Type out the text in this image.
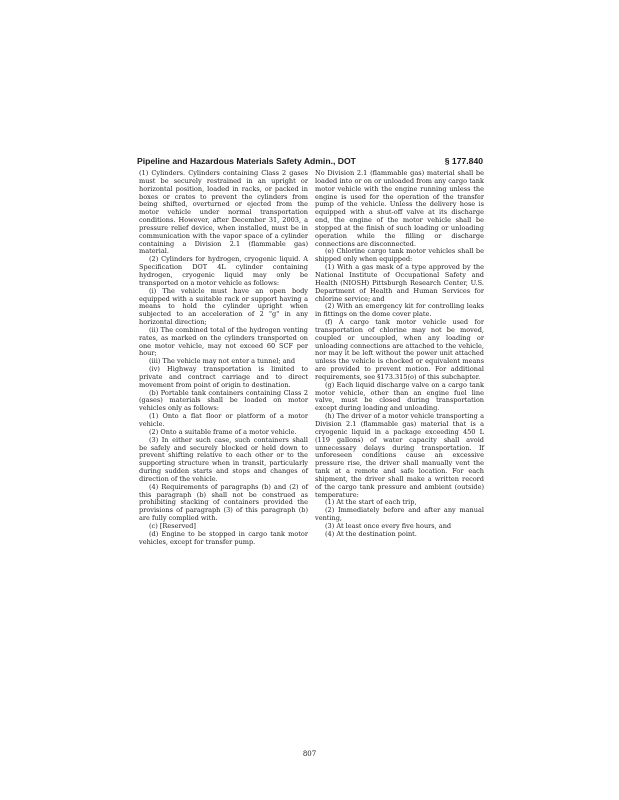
Pipeline and Hazardous Materials Safety Admin., DOT	§ 177.840

(1) Cylinders. Cylinders containing Class 2 gases must be securely restrained in an upright or horizontal position, loaded in racks, or packed in boxes or crates to prevent the cylinders from being shifted, overturned or ejected from the motor vehicle under normal transportation conditions. However, after December 31, 2003, a pressure relief device, when installed, must be in communication with the vapor space of a cylinder containing a Division 2.1 (flammable gas) material.

(2) Cylinders for hydrogen, cryogenic liquid. A Specification DOT 4L cylinder containing hydrogen, cryogenic liquid may only be transported on a motor vehicle as follows:

(i) The vehicle must have an open body equipped with a suitable rack or support having a means to hold the cylinder upright when subjected to an acceleration of 2 "g" in any horizontal direction;

(ii) The combined total of the hydrogen venting rates, as marked on the cylinders transported on one motor vehicle, may not exceed 60 SCF per hour;

(iii) The vehicle may not enter a tunnel; and

(iv) Highway transportation is limited to private and contract carriage and to direct movement from point of origin to destination.

(b) Portable tank containers containing Class 2 (gases) materials shall be loaded on motor vehicles only as follows:

(1) Onto a flat floor or platform of a motor vehicle.

(2) Onto a suitable frame of a motor vehicle.

(3) In either such case, such containers shall be safely and securely blocked or held down to prevent shifting relative to each other or to the supporting structure when in transit, particularly during sudden starts and stops and changes of direction of the vehicle.

(4) Requirements of paragraphs (b) and (2) of this paragraph (b) shall not be construed as prohibiting stacking of containers provided the provisions of paragraph (3) of this paragraph (b) are fully complied with.

(c) [Reserved]

(d) Engine to be stopped in cargo tank motor vehicles, except for transfer pump.

No Division 2.1 (flammable gas) material shall be loaded into or on or unloaded from any cargo tank motor vehicle with the engine running unless the engine is used for the operation of the transfer pump of the vehicle. Unless the delivery hose is equipped with a shut-off valve at its discharge end, the engine of the motor vehicle shall be stopped at the finish of such loading or unloading operation while the filling or discharge connections are disconnected.

(e) Chlorine cargo tank motor vehicles shall be shipped only when equipped:

(1) With a gas mask of a type approved by the National Institute of Occupational Safety and Health (NIOSH) Pittsburgh Research Center, U.S. Department of Health and Human Services for chlorine service; and

(2) With an emergency kit for controlling leaks in fittings on the dome cover plate.

(f) A cargo tank motor vehicle used for transportation of chlorine may not be moved, coupled or uncoupled, when any loading or unloading connections are attached to the vehicle, nor may it be left without the power unit attached unless the vehicle is chocked or equivalent means are provided to prevent motion. For additional requirements, see §173.315(o) of this subchapter.

(g) Each liquid discharge valve on a cargo tank motor vehicle, other than an engine fuel line valve, must be closed during transportation except during loading and unloading.

(h) The driver of a motor vehicle transporting a Division 2.1 (flammable gas) material that is a cryogenic liquid in a package exceeding 450 L (119 gallons) of water capacity shall avoid unnecessary delays during transportation. If unforeseen conditions cause an excessive pressure rise, the driver shall manually vent the tank at a remote and safe location. For each shipment, the driver shall make a written record of the cargo tank pressure and ambient (outside) temperature:

(1) At the start of each trip,

(2) Immediately before and after any manual venting,

(3) At least once every five hours, and

(4) At the destination point.

807
